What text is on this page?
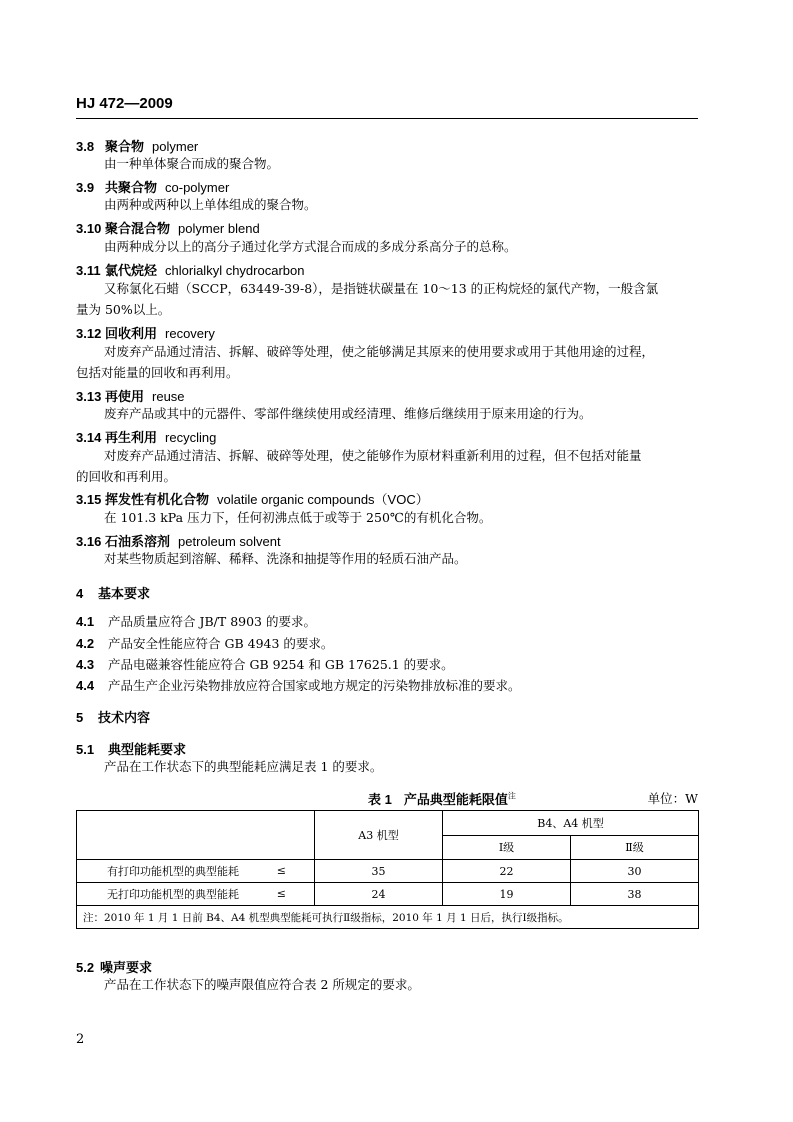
HJ 472—2009
3.8 聚合物 polymer
由一种单体聚合而成的聚合物。
3.9 共聚合物 co-polymer
由两种或两种以上单体组成的聚合物。
3.10 聚合混合物 polymer blend
由两种成分以上的高分子通过化学方式混合而成的多成分系高分子的总称。
3.11 氯代烷烃 chlorialkyl chydrocarbon
又称氯化石蜡（SCCP，63449-39-8），是指链状碳量在 10～13 的正构烷烃的氯代产物，一般含氯
量为 50%以上。
3.12 回收利用 recovery
对废弃产品通过清洁、拆解、破碎等处理，使之能够满足其原来的使用要求或用于其他用途的过程，
包括对能量的回收和再利用。
3.13 再使用 reuse
废弃产品或其中的元器件、零部件继续使用或经清理、维修后继续用于原来用途的行为。
3.14 再生利用 recycling
对废弃产品通过清洁、拆解、破碎等处理，使之能够作为原材料重新利用的过程，但不包括对能量
的回收和再利用。
3.15 挥发性有机化合物 volatile organic compounds（VOC）
在 101.3 kPa 压力下，任何初沸点低于或等于 250℃的有机化合物。
3.16 石油系溶剂 petroleum solvent
对某些物质起到溶解、稀释、洗涤和抽提等作用的轻质石油产品。
4 基本要求
4.1 产品质量应符合 JB/T 8903 的要求。
4.2 产品安全性能应符合 GB 4943 的要求。
4.3 产品电磁兼容性能应符合 GB 9254 和 GB 17625.1 的要求。
4.4 产品生产企业污染物排放应符合国家或地方规定的污染物排放标准的要求。
5 技术内容
5.1 典型能耗要求
产品在工作状态下的典型能耗应满足表 1 的要求。
表 1 产品典型能耗限值$^注$	单位：W
	A3 机型	B4、A4 机型	
		Ⅰ级	Ⅱ级
有打印功能机型的典型能耗 ≤	35	22	30
无打印功能机型的典型能耗 ≤	24	19	38
注：2010 年 1 月 1 日前 B4、A4 机型典型能耗可执行Ⅱ级指标，2010 年 1 月 1 日后，执行Ⅰ级指标。			
5.2 噪声要求
产品在工作状态下的噪声限值应符合表 2 所规定的要求。
2
